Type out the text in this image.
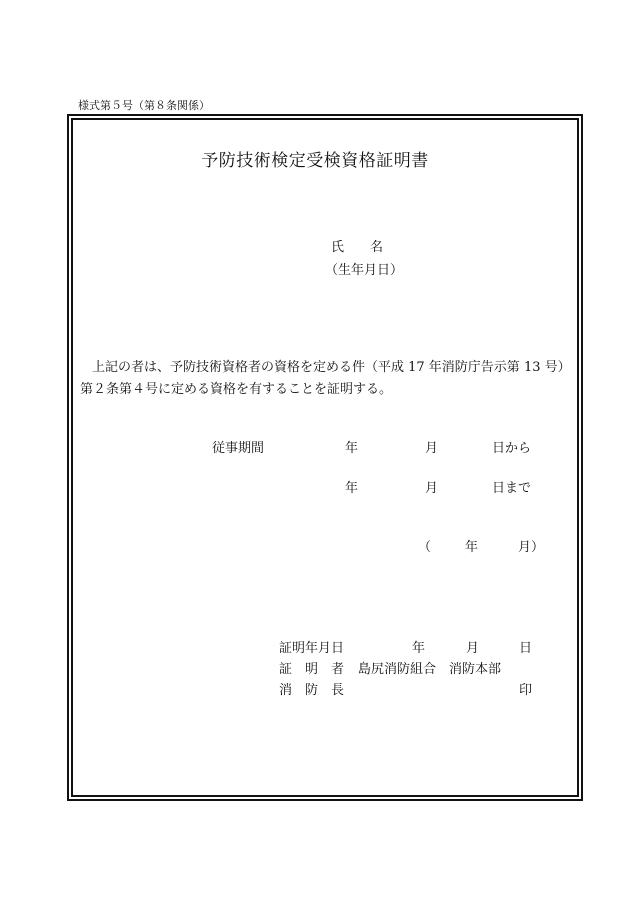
様式第５号（第８条関係）
予防技術検定受検資格証明書
氏　　名
（生年月日）
上記の者は、予防技術資格者の資格を定める件（平成 17 年消防庁告示第 13 号）
第２条第４号に定める資格を有することを証明する。
従事期間	年	月	日から
年	月	日まで
（	年	月）
証明年月日	年	月	日
証　明　者 島尻消防組合　消防本部
消　防　長	印
